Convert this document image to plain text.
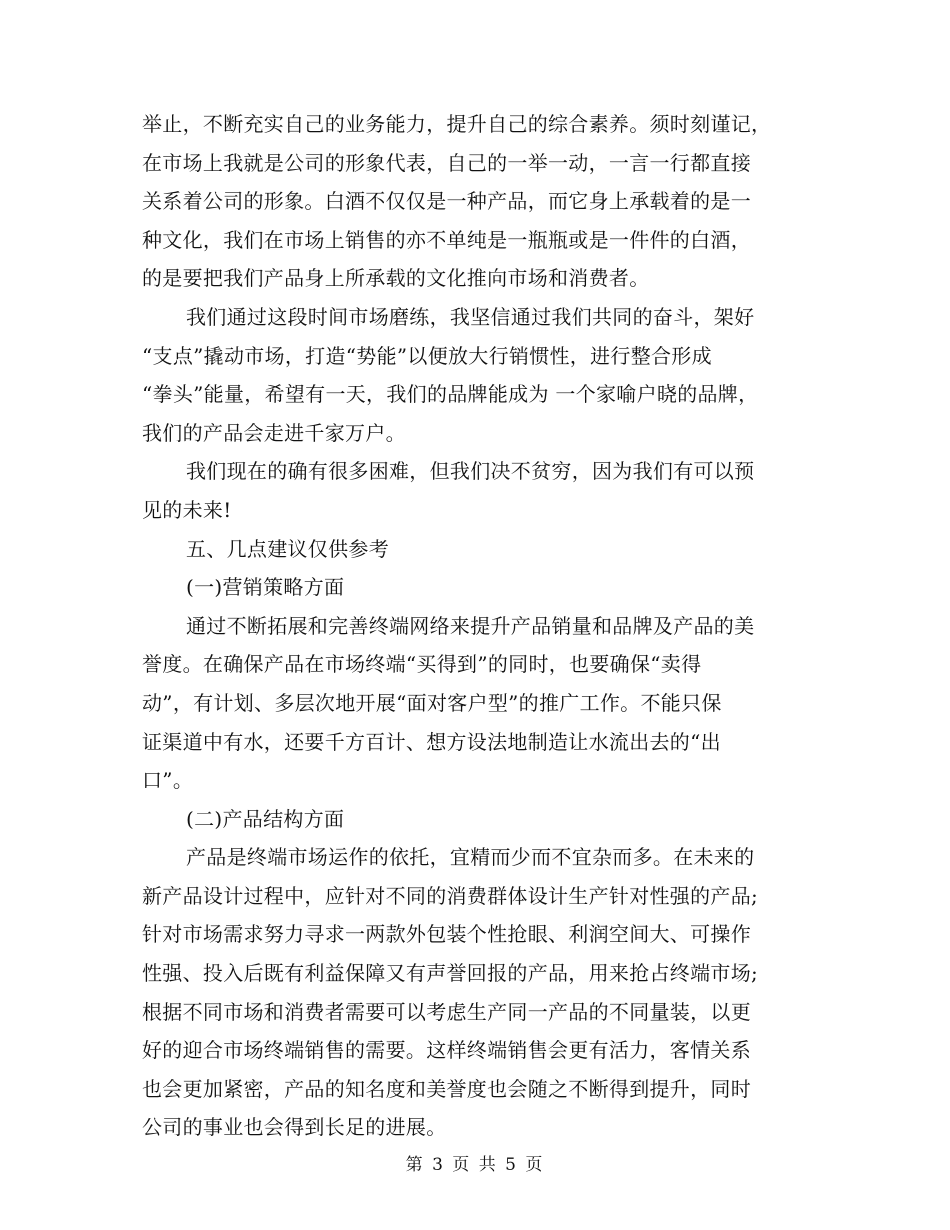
举止，不断充实自己的业务能力，提升自己的综合素养。须时刻谨记，
在市场上我就是公司的形象代表，自己的一举一动，一言一行都直接
关系着公司的形象。白酒不仅仅是一种产品，而它身上承载着的是一
种文化，我们在市场上销售的亦不单纯是一瓶瓶或是一件件的白酒，
的是要把我们产品身上所承载的文化推向市场和消费者。
我们通过这段时间市场磨练，我坚信通过我们共同的奋斗，架好
“支点”撬动市场，打造“势能”以便放大行销惯性，进行整合形成
“拳头”能量，希望有一天，我们的品牌能成为 一个家喻户晓的品牌，
我们的产品会走进千家万户。
我们现在的确有很多困难，但我们决不贫穷，因为我们有可以预
见的未来!
五、几点建议仅供参考
(一)营销策略方面
通过不断拓展和完善终端网络来提升产品销量和品牌及产品的美
誉度。在确保产品在市场终端“买得到”的同时，也要确保“卖得
动”，有计划、多层次地开展“面对客户型”的推广工作。不能只保
证渠道中有水，还要千方百计、想方设法地制造让水流出去的“出
口”。
(二)产品结构方面
产品是终端市场运作的依托，宜精而少而不宜杂而多。在未来的
新产品设计过程中，应针对不同的消费群体设计生产针对性强的产品;
针对市场需求努力寻求一两款外包装个性抢眼、利润空间大、可操作
性强、投入后既有利益保障又有声誉回报的产品，用来抢占终端市场;
根据不同市场和消费者需要可以考虑生产同一产品的不同量装，以更
好的迎合市场终端销售的需要。这样终端销售会更有活力，客情关系
也会更加紧密，产品的知名度和美誉度也会随之不断得到提升，同时
公司的事业也会得到长足的进展。
第 3 页 共 5 页
